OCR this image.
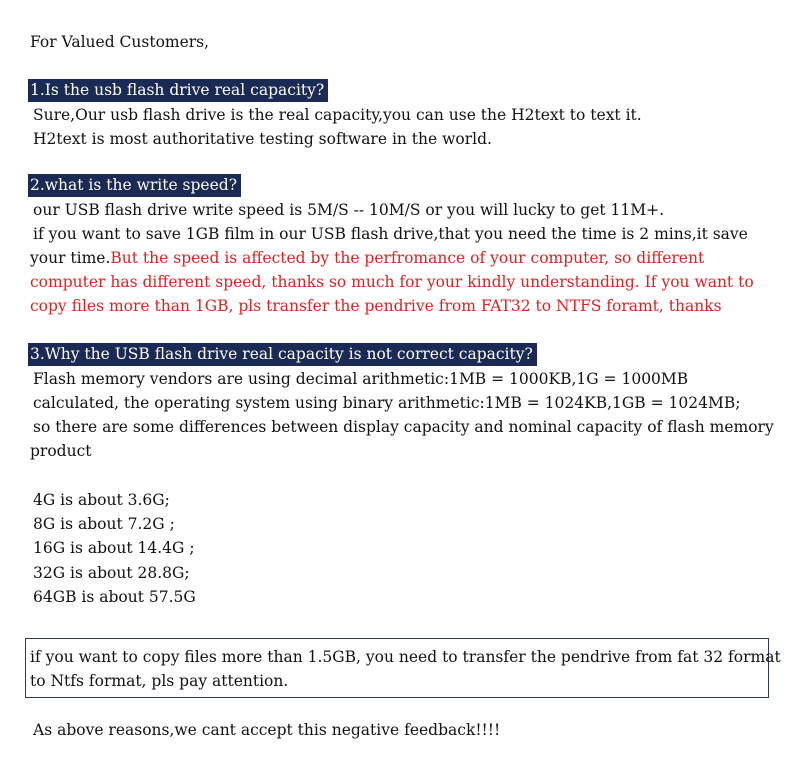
For Valued Customers,
1.Is the usb flash drive real capacity?
Sure,Our usb flash drive is the real capacity,you can use the H2text to text it.
H2text is most authoritative testing software in the world.
2.what is the write speed?
our USB flash drive write speed is 5M/S -- 10M/S or you will lucky to get 11M+.
if you want to save 1GB film in our USB flash drive,that you need the time is 2 mins,it save
your time.But the speed is affected by the perfromance of your computer, so different
computer has different speed, thanks so much for your kindly understanding. If you want to
copy files more than 1GB, pls transfer the pendrive from FAT32 to NTFS foramt, thanks
3.Why the USB flash drive real capacity is not correct capacity?
Flash memory vendors are using decimal arithmetic:1MB = 1000KB,1G = 1000MB
calculated, the operating system using binary arithmetic:1MB = 1024KB,1GB = 1024MB;
so there are some differences between display capacity and nominal capacity of flash memory
product
4G is about 3.6G;
8G is about 7.2G ;
16G is about 14.4G ;
32G is about 28.8G;
64GB is about 57.5G
if you want to copy files more than 1.5GB, you need to transfer the pendrive from fat 32 format
to Ntfs format, pls pay attention.
As above reasons,we cant accept this negative feedback!!!!
